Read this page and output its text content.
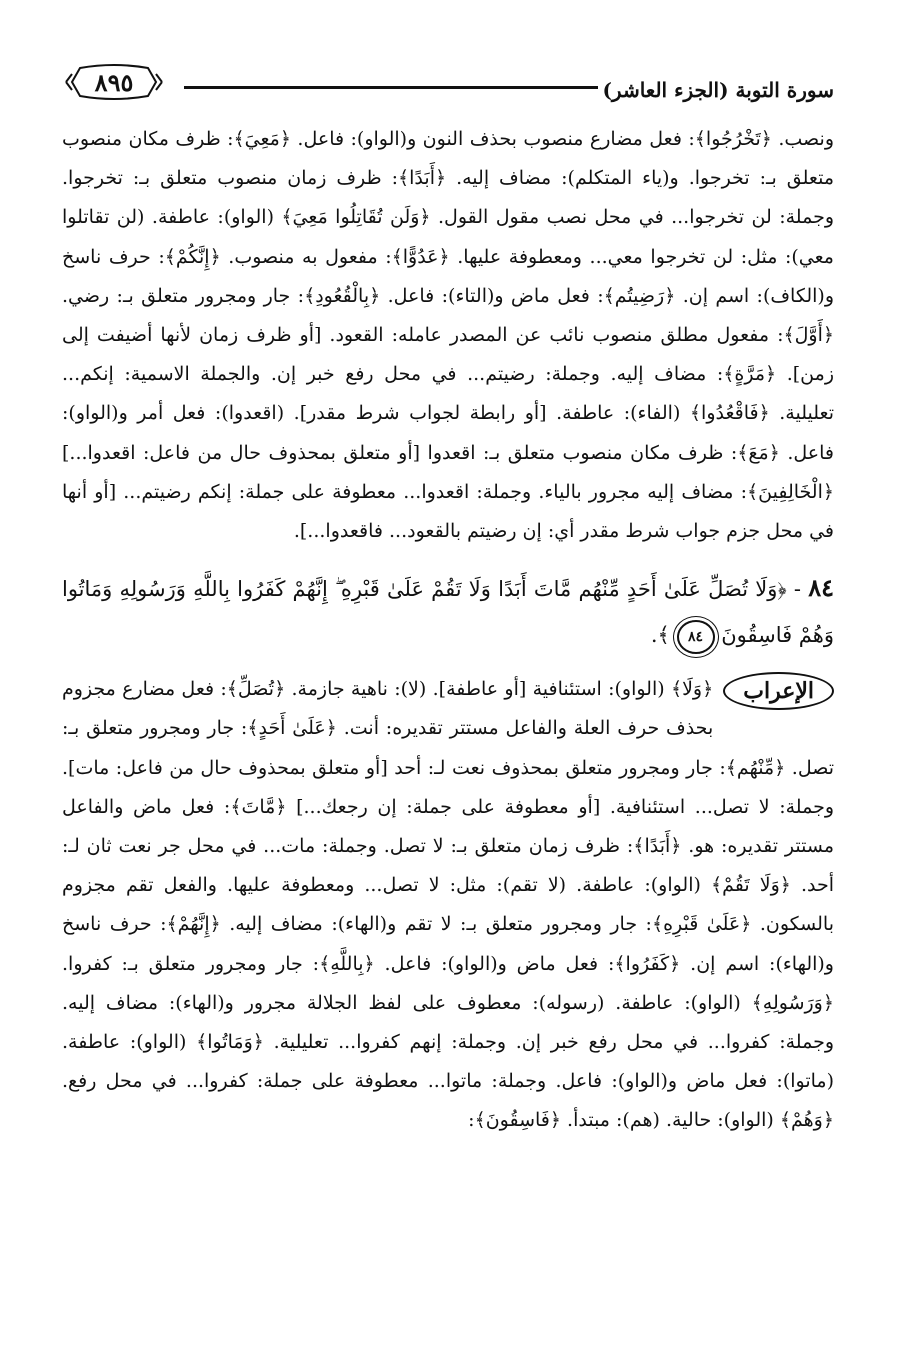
سورة التوبة (الجزء العاشر)
٨٩٥

ونصب. ﴿تَخْرُجُوا﴾: فعل مضارع منصوب بحذف النون و(الواو): فاعل. ﴿مَعِيَ﴾: ظرف مكان منصوب متعلق بـ: تخرجوا. و(ياء المتكلم): مضاف إليه. ﴿أَبَدًا﴾: ظرف زمان منصوب متعلق بـ: تخرجوا. وجملة: لن تخرجوا... في محل نصب مقول القول. ﴿وَلَن تُقَاتِلُوا مَعِيَ﴾ (الواو): عاطفة. (لن تقاتلوا معي): مثل: لن تخرجوا معي... ومعطوفة عليها. ﴿عَدُوًّا﴾: مفعول به منصوب. ﴿إِنَّكُمْ﴾: حرف ناسخ و(الكاف): اسم إن. ﴿رَضِيتُم﴾: فعل ماض و(التاء): فاعل. ﴿بِالْقُعُودِ﴾: جار ومجرور متعلق بـ: رضي. ﴿أَوَّلَ﴾: مفعول مطلق منصوب نائب عن المصدر عامله: القعود. [أو ظرف زمان لأنها أضيفت إلى زمن]. ﴿مَرَّةٍ﴾: مضاف إليه. وجملة: رضيتم... في محل رفع خبر إن. والجملة الاسمية: إنكم... تعليلية. ﴿فَاقْعُدُوا﴾ (الفاء): عاطفة. [أو رابطة لجواب شرط مقدر]. (اقعدوا): فعل أمر و(الواو): فاعل. ﴿مَعَ﴾: ظرف مكان منصوب متعلق بـ: اقعدوا [أو متعلق بمحذوف حال من فاعل: اقعدوا...] ﴿الْخَالِفِينَ﴾: مضاف إليه مجرور بالياء. وجملة: اقعدوا... معطوفة على جملة: إنكم رضيتم... [أو أنها في محل جزم جواب شرط مقدر أي: إن رضيتم بالقعود... فاقعدوا...].

٨٤ - ﴿وَلَا تُصَلِّ عَلَىٰ أَحَدٍ مِّنْهُم مَّاتَ أَبَدًا وَلَا تَقُمْ عَلَىٰ قَبْرِهِ ۖ إِنَّهُمْ كَفَرُوا بِاللَّهِ وَرَسُولِهِ وَمَاتُوا وَهُمْ فَاسِقُونَ ٨٤ ﴾.
الإعراب

﴿وَلَا﴾ (الواو): استئنافية [أو عاطفة]. (لا): ناهية جازمة. ﴿تُصَلِّ﴾: فعل مضارع مجزوم بحذف حرف العلة والفاعل مستتر تقديره: أنت. ﴿عَلَىٰ أَحَدٍ﴾: جار ومجرور متعلق بـ: تصل. ﴿مِّنْهُم﴾: جار ومجرور متعلق بمحذوف نعت لـ: أحد [أو متعلق بمحذوف حال من فاعل: مات]. وجملة: لا تصل... استئنافية. [أو معطوفة على جملة: إن رجعك...] ﴿مَّاتَ﴾: فعل ماض والفاعل مستتر تقديره: هو. ﴿أَبَدًا﴾: ظرف زمان متعلق بـ: لا تصل. وجملة: مات... في محل جر نعت ثان لـ: أحد. ﴿وَلَا تَقُمْ﴾ (الواو): عاطفة. (لا تقم): مثل: لا تصل... ومعطوفة عليها. والفعل تقم مجزوم بالسكون. ﴿عَلَىٰ قَبْرِهِ﴾: جار ومجرور متعلق بـ: لا تقم و(الهاء): مضاف إليه. ﴿إِنَّهُمْ﴾: حرف ناسخ و(الهاء): اسم إن. ﴿كَفَرُوا﴾: فعل ماض و(الواو): فاعل. ﴿بِاللَّهِ﴾: جار ومجرور متعلق بـ: كفروا. ﴿وَرَسُولِهِ﴾ (الواو): عاطفة. (رسوله): معطوف على لفظ الجلالة مجرور و(الهاء): مضاف إليه. وجملة: كفروا... في محل رفع خبر إن. وجملة: إنهم كفروا... تعليلية. ﴿وَمَاتُوا﴾ (الواو): عاطفة. (ماتوا): فعل ماض و(الواو): فاعل. وجملة: ماتوا... معطوفة على جملة: كفروا... في محل رفع. ﴿وَهُمْ﴾ (الواو): حالية. (هم): مبتدأ. ﴿فَاسِقُونَ﴾:
